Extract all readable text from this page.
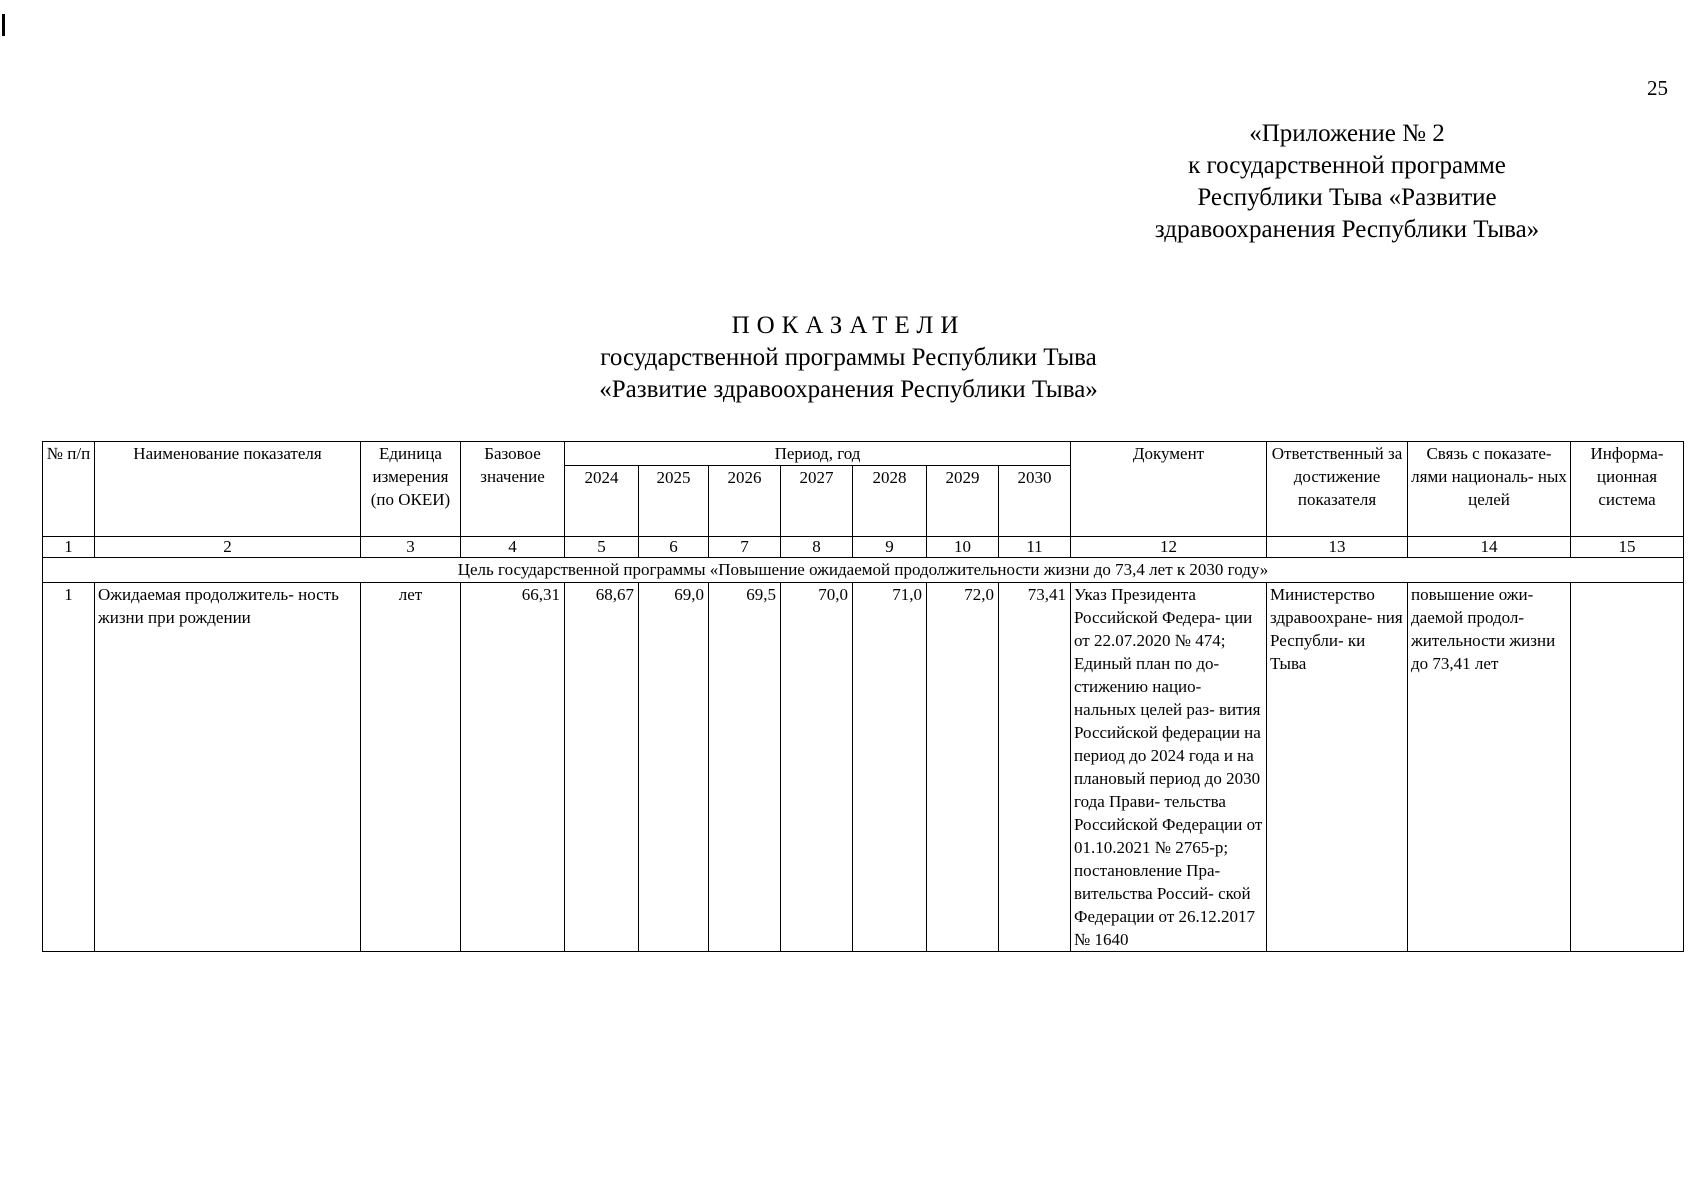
25
«Приложение № 2
к государственной программе
Республики Тыва «Развитие
здравоохранения Республики Тыва»
ПОКАЗАТЕЛИ
государственной программы Республики Тыва
«Развитие здравоохранения Республики Тыва»
№ п/п	Наименование показателя	Единица измерения (по ОКЕИ)	Базовое значение	Период, год							Документ	Ответственный за достижение показателя	Связь с показате- лями националь- ных целей	Информа- ционная система
				2024	2025	2026	2027	2028	2029	2030				
1	2	3	4	5	6	7	8	9	10	11	12	13	14	15
Цель государственной программы «Повышение ожидаемой продолжительности жизни до 73,4 лет к 2030 году»														
1	Ожидаемая продолжитель- ность жизни при рождении	лет	66,31	68,67	69,0	69,5	70,0	71,0	72,0	73,41	Указ Президента Российской Федера- ции от 22.07.2020 № 474; Единый план по до- стижению нацио- нальных целей раз- вития Российской федерации на период до 2024 года и на плановый период до 2030 года Прави- тельства Российской Федерации от 01.10.2021 № 2765-р; постановление Пра- вительства Россий- ской Федерации от 26.12.2017 № 1640	Министерство здравоохране- ния Республи- ки Тыва	повышение ожи- даемой продол- жительности жизни до 73,41 лет	
